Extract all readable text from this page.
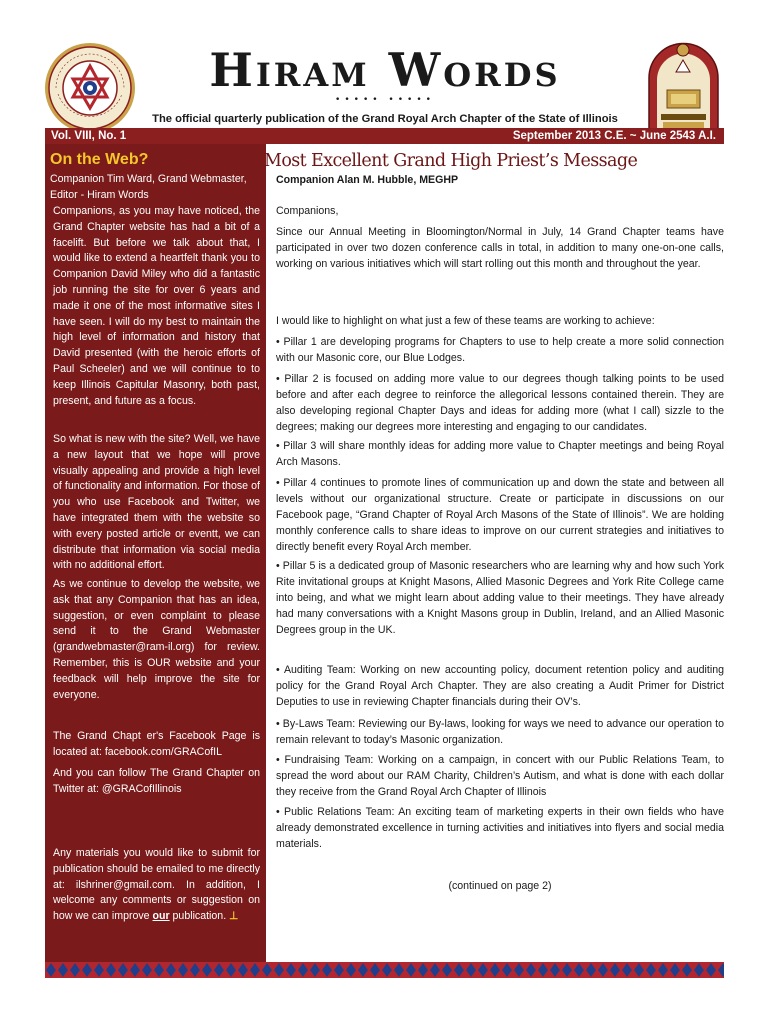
Hiram Words
••••• •••••
The official quarterly publication of the Grand Royal Arch Chapter of the State of Illinois
Vol. VIII, No. 1	September 2013 C.E. ~ June 2543 A.I.
On the Web?
Companion Tim Ward, Grand Webmaster, Editor - Hiram Words
Companions, as you may have noticed, the Grand Chapter website has had a bit of a facelift. But before we talk about that, I would like to extend a heartfelt thank you to Companion David Miley who did a fantastic job running the site for over 6 years and made it one of the most informative sites I have seen. I will do my best to maintain the high level of information and history that David presented (with the heroic efforts of Paul Scheeler) and we will continue to to keep Illinois Capitular Masonry, both past, present, and future as a focus.
So what is new with the site? Well, we have a new layout that we hope will prove visually appealing and provide a high level of functionality and information. For those of you who use Facebook and Twitter, we have integrated them with the website so with every posted article or eventt, we can distribute that information via social media with no additional effort.
As we continue to develop the website, we ask that any Companion that has an idea, suggestion, or even complaint to please send it to the Grand Webmaster (grandwebmaster@ram-il.org) for review. Remember, this is OUR website and your feedback will help improve the site for everyone.
The Grand Chapt er's Facebook Page is located at: facebook.com/GRACofIL
And you can follow The Grand Chapter on Twitter at: @GRACofIllinois
Any materials you would like to submit for publication should be emailed to me directly at: ilshriner@gmail.com. In addition, I welcome any comments or suggestion on how we can improve our publication. ⊥
Most Excellent Grand High Priest’s Message
Companion Alan M. Hubble, MEGHP
Companions,
Since our Annual Meeting in Bloomington/Normal in July, 14 Grand Chapter teams have participated in over two dozen conference calls in total, in addition to many one-on-one calls, working on various initiatives which will start rolling out this month and throughout the year.
I would like to highlight on what just a few of these teams are working to achieve:
• Pillar 1 are developing programs for Chapters to use to help create a more solid connection with our Masonic core, our Blue Lodges.
• Pillar 2 is focused on adding more value to our degrees though talking points to be used before and after each degree to reinforce the allegorical lessons contained therein. They are also developing regional Chapter Days and ideas for adding more (what I call) sizzle to the degrees; making our degrees more interesting and engaging to our candidates.
• Pillar 3 will share monthly ideas for adding more value to Chapter meetings and being Royal Arch Masons.
• Pillar 4 continues to promote lines of communication up and down the state and between all levels without our organizational structure. Create or participate in discussions on our Facebook page, “Grand Chapter of Royal Arch Masons of the State of Illinois”. We are holding monthly conference calls to share ideas to improve on our current strategies and initiatives to directly benefit every Royal Arch member.
• Pillar 5 is a dedicated group of Masonic researchers who are learning why and how such York Rite invitational groups at Knight Masons, Allied Masonic Degrees and York Rite College came into being, and what we might learn about adding value to their meetings. They have already had many conversations with a Knight Masons group in Dublin, Ireland, and an Allied Masonic Degrees group in the UK.
• Auditing Team: Working on new accounting policy, document retention policy and auditing policy for the Grand Royal Arch Chapter. They are also creating a Audit Primer for District Deputies to use in reviewing Chapter financials during their OV’s.
• By-Laws Team: Reviewing our By-laws, looking for ways we need to advance our operation to remain relevant to today’s Masonic organization.
• Fundraising Team: Working on a campaign, in concert with our Public Relations Team, to spread the word about our RAM Charity, Children’s Autism, and what is done with each dollar they receive from the Grand Royal Arch Chapter of Illinois
• Public Relations Team: An exciting team of marketing experts in their own fields who have already demonstrated excellence in turning activities and initiatives into flyers and social media materials.
(continued on page 2)
